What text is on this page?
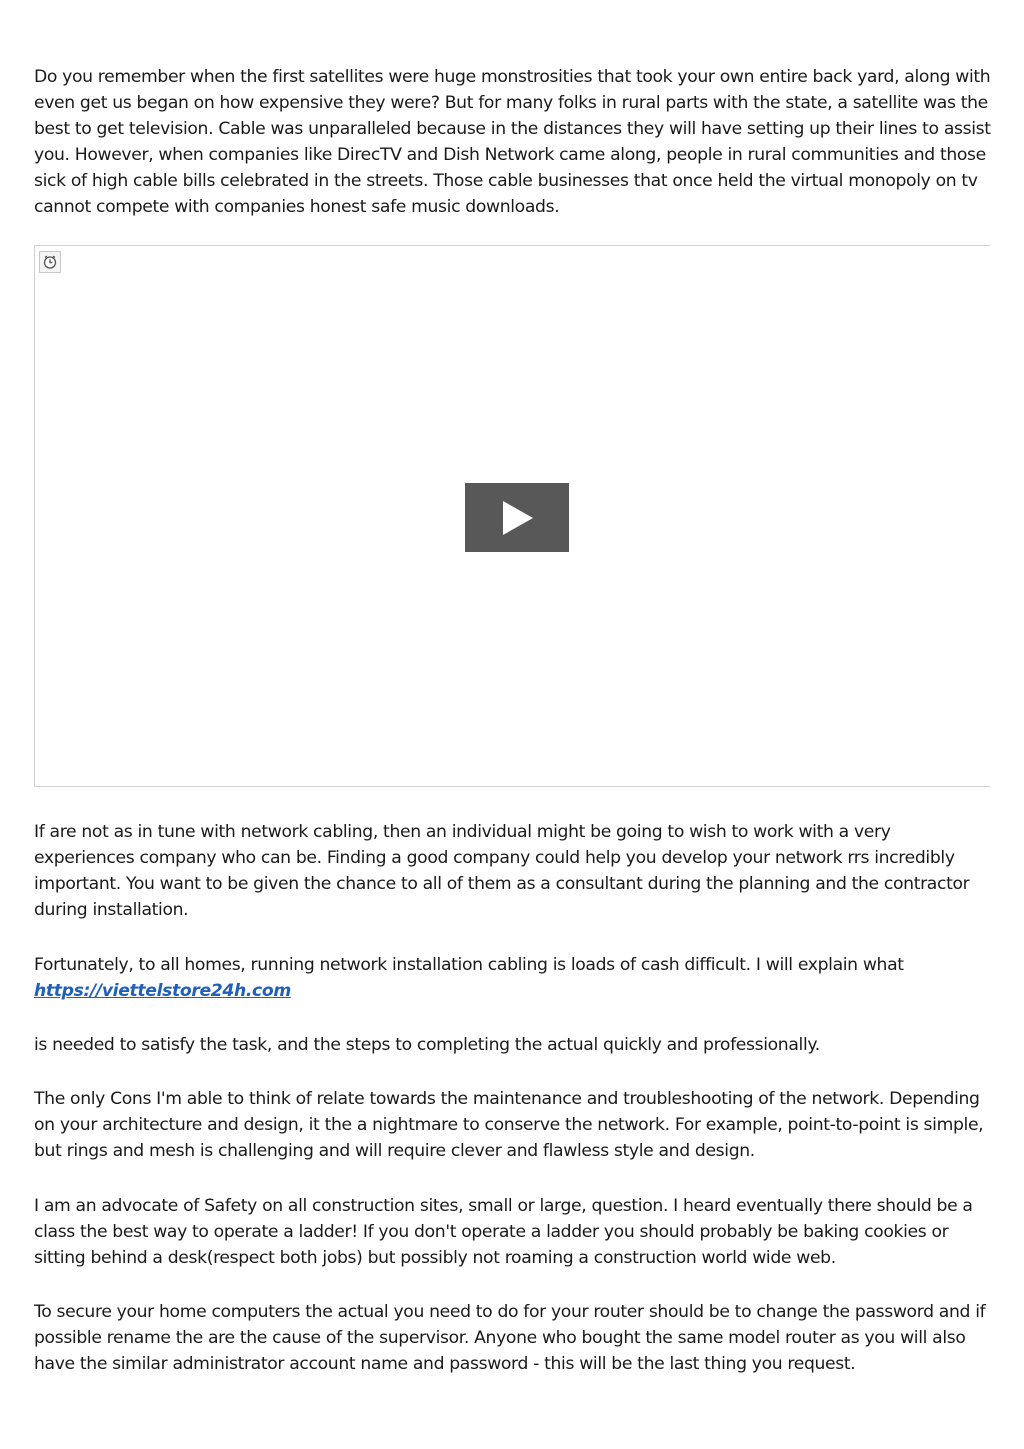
Do you remember when the first satellites were huge monstrosities that took your own entire back yard, along with even get us began on how expensive they were? But for many folks in rural parts with the state, a satellite was the best to get television. Cable was unparalleled because in the distances they will have setting up their lines to assist you. However, when companies like DirecTV and Dish Network came along, people in rural communities and those sick of high cable bills celebrated in the streets. Those cable businesses that once held the virtual monopoly on tv cannot compete with companies honest safe music downloads.

If are not as in tune with network cabling, then an individual might be going to wish to work with a very experiences company who can be. Finding a good company could help you develop your network rrs incredibly important. You want to be given the chance to all of them as a consultant during the planning and the contractor during installation.

Fortunately, to all homes, running network installation cabling is loads of cash difficult. I will explain what
https://viettelstore24h.com

is needed to satisfy the task, and the steps to completing the actual quickly and professionally.

The only Cons I'm able to think of relate towards the maintenance and troubleshooting of the network. Depending on your architecture and design, it the a nightmare to conserve the network. For example, point-to-point is simple, but rings and mesh is challenging and will require clever and flawless style and design.

I am an advocate of Safety on all construction sites, small or large, question. I heard eventually there should be a class the best way to operate a ladder! If you don't operate a ladder you should probably be baking cookies or sitting behind a desk(respect both jobs) but possibly not roaming a construction world wide web.

To secure your home computers the actual you need to do for your router should be to change the password and if possible rename the are the cause of the supervisor. Anyone who bought the same model router as you will also have the similar administrator account name and password - this will be the last thing you request.
